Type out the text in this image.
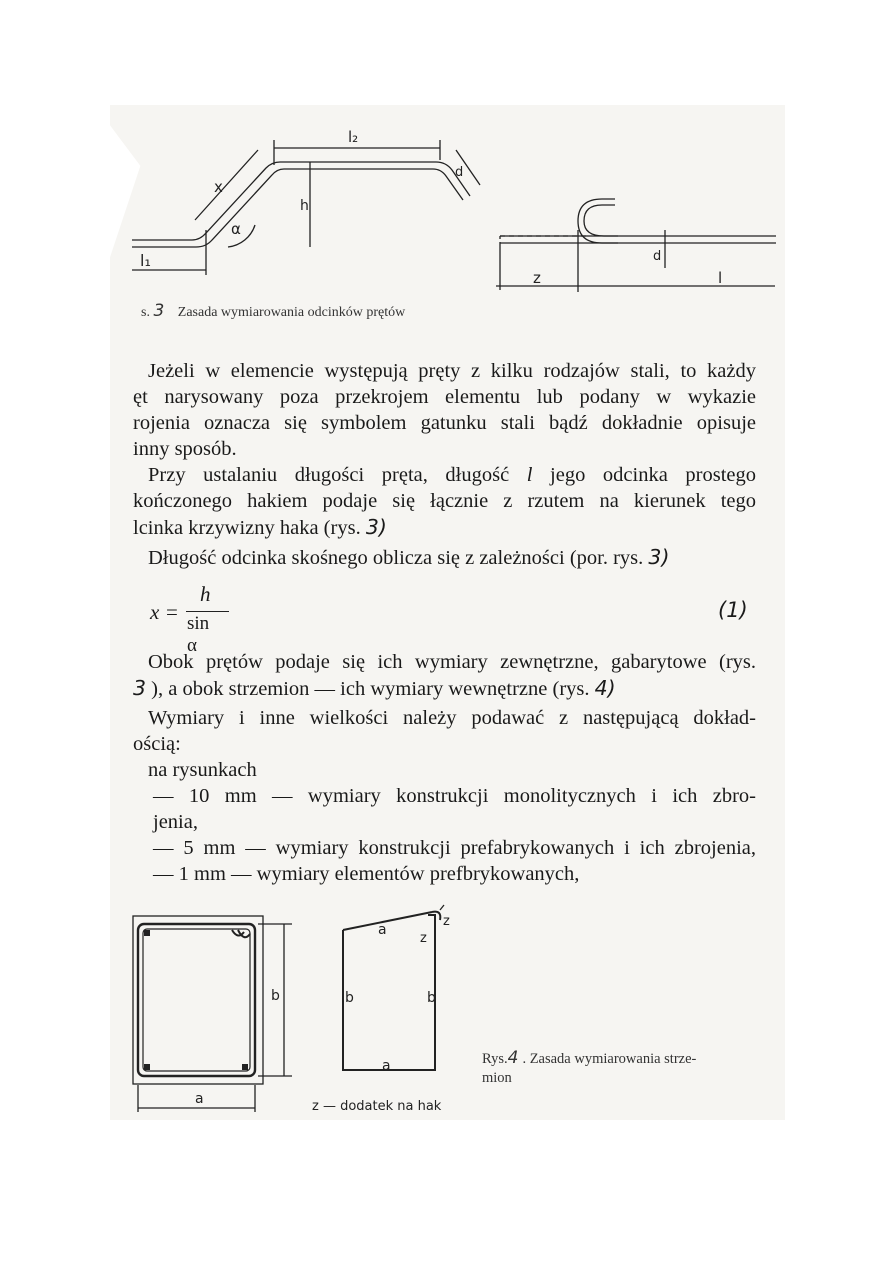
l₁
l₂
x
h
α
d
z	l
d
s. 3 Zasada wymiarowania odcinków prętów
Jeżeli w elemencie występują pręty z kilku rodzajów stali, to każdy
ęt narysowany poza przekrojem elementu lub podany w wykazie
rojenia oznacza się symbolem gatunku stali bądź dokładnie opisuje
inny sposób.
Przy ustalaniu długości pręta, długość l jego odcinka prostego
kończonego hakiem podaje się łącznie z rzutem na kierunek tego
lcinka krzywizny haka (rys. 3)
Długość odcinka skośnego oblicza się z zależności (por. rys. 3)
x =
h
sin α
(1)
Obok prętów podaje się ich wymiary zewnętrzne, gabarytowe (rys.
3 ), a obok strzemion — ich wymiary wewnętrzne (rys. 4)
Wymiary i inne wielkości należy podawać z następującą dokład-
ością:
na rysunkach
— 10 mm — wymiary konstrukcji monolitycznych i ich zbro-
jenia,
— 5 mm — wymiary konstrukcji prefabrykowanych i ich zbrojenia,
— 1 mm — wymiary elementów prefbrykowanych,
a
b
a
z
z
b	b
a
z — dodatek na hak
Rys.4 . Zasada wymiarowania strze-
mion
